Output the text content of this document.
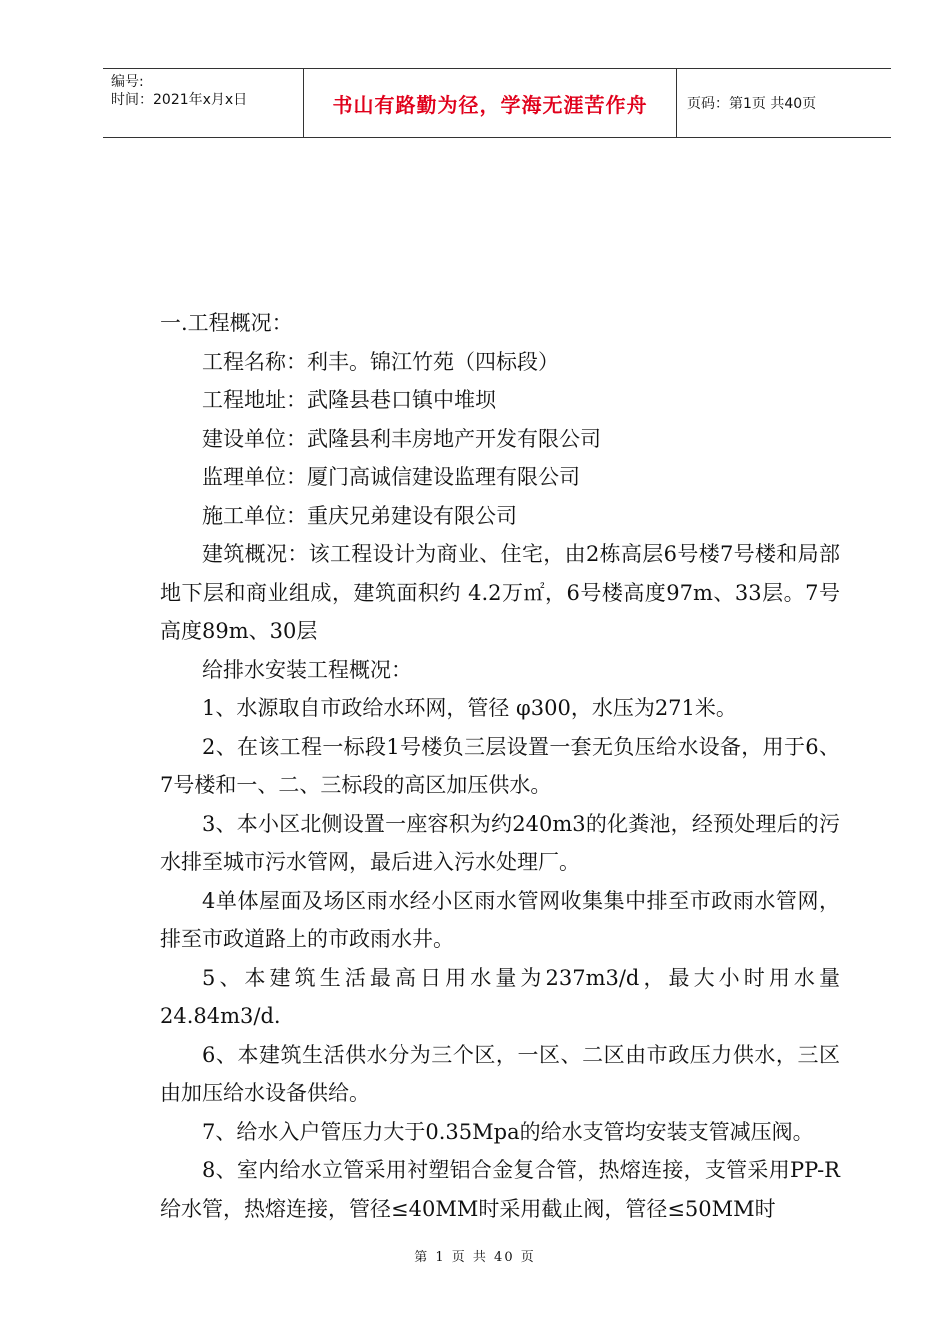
编号:
时间：2021年x月x日	书山有路勤为径，学海无涯苦作舟	页码：第1页 共40页

一.工程概况：

工程名称：利丰。锦江竹苑（四标段）

工程地址：武隆县巷口镇中堆坝

建设单位：武隆县利丰房地产开发有限公司

监理单位：厦门高诚信建设监理有限公司

施工单位：重庆兄弟建设有限公司

建筑概况：该工程设计为商业、住宅，由2栋高层6号楼7号楼和局部地下层和商业组成，建筑面积约 4.2万㎡，6号楼高度97m、33层。7号高度89m、30层

给排水安装工程概况：

1、水源取自市政给水环网，管径 φ300，水压为271米。

2、在该工程一标段1号楼负三层设置一套无负压给水设备，用于6、7号楼和一、二、三标段的高区加压供水。

3、本小区北侧设置一座容积为约240m3的化粪池，经预处理后的污水排至城市污水管网，最后进入污水处理厂。

4单体屋面及场区雨水经小区雨水管网收集集中排至市政雨水管网，排至市政道路上的市政雨水井。

5、本建筑生活最高日用水量为237m3/d，最大小时用水量24.84m3/d.

6、本建筑生活供水分为三个区，一区、二区由市政压力供水，三区由加压给水设备供给。

7、给水入户管压力大于0.35Mpa的给水支管均安装支管减压阀。

8、室内给水立管采用衬塑铝合金复合管，热熔连接，支管采用PP-R给水管，热熔连接，管径≤40MM时采用截止阀，管径≤50MM时

第 1 页 共 40 页
